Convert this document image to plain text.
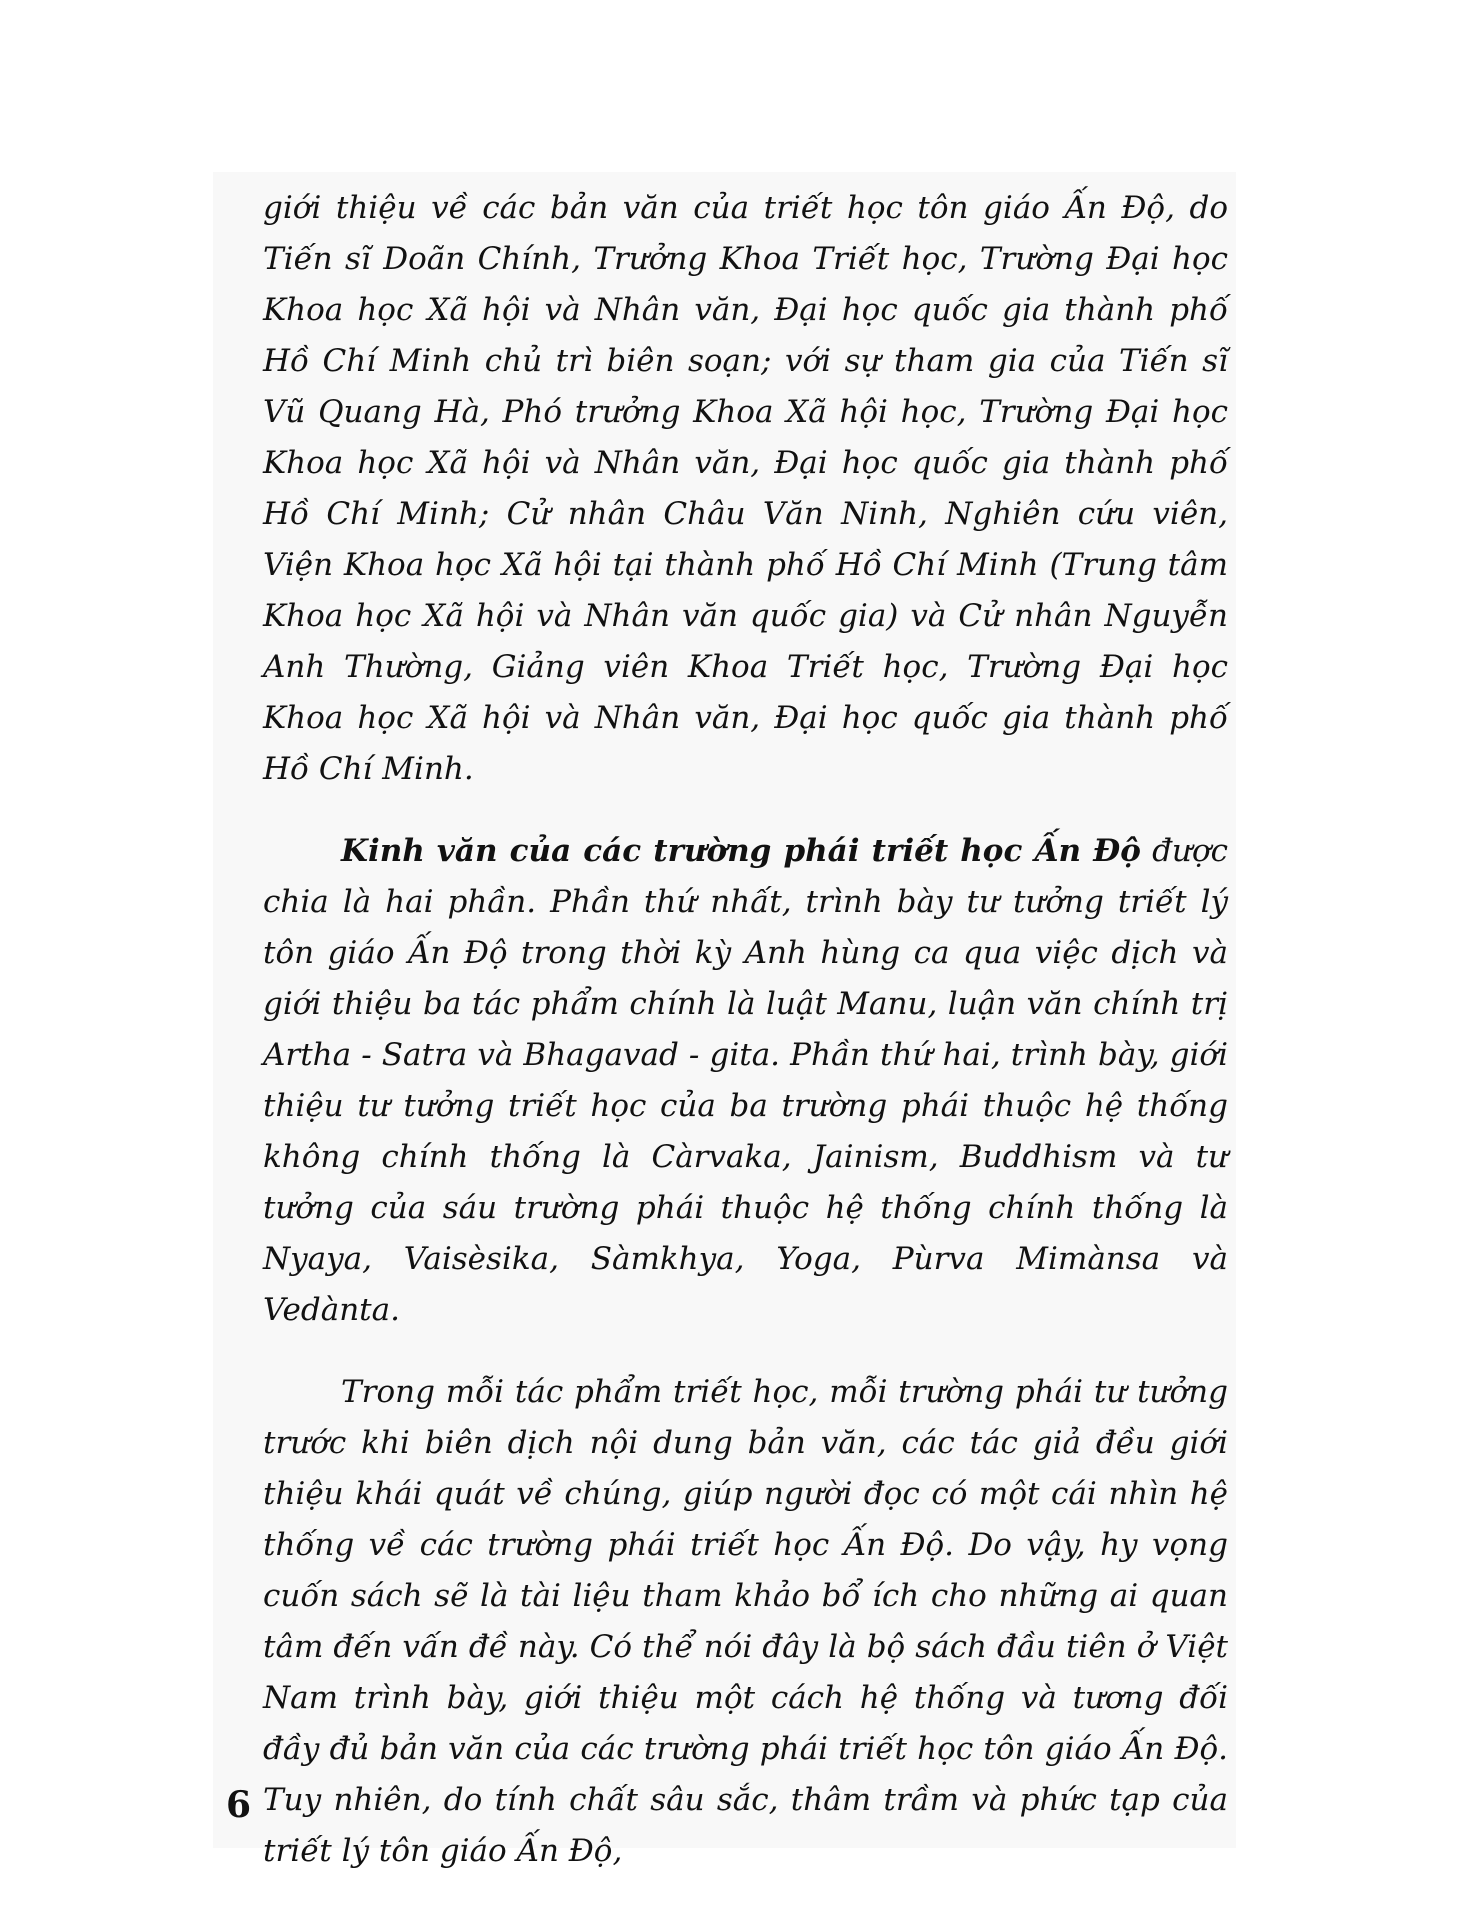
giới thiệu về các bản văn của triết học tôn giáo Ấn Độ, do Tiến sĩ Doãn Chính, Trưởng Khoa Triết học, Trường Đại học Khoa học Xã hội và Nhân văn, Đại học quốc gia thành phố Hồ Chí Minh chủ trì biên soạn; với sự tham gia của Tiến sĩ Vũ Quang Hà, Phó trưởng Khoa Xã hội học, Trường Đại học Khoa học Xã hội và Nhân văn, Đại học quốc gia thành phố Hồ Chí Minh; Cử nhân Châu Văn Ninh, Nghiên cứu viên, Viện Khoa học Xã hội tại thành phố Hồ Chí Minh (Trung tâm Khoa học Xã hội và Nhân văn quốc gia) và Cử nhân Nguyễn Anh Thường, Giảng viên Khoa Triết học, Trường Đại học Khoa học Xã hội và Nhân văn, Đại học quốc gia thành phố Hồ Chí Minh.

Kinh văn của các trường phái triết học Ấn Độ được chia là hai phần. Phần thứ nhất, trình bày tư tưởng triết lý tôn giáo Ấn Độ trong thời kỳ Anh hùng ca qua việc dịch và giới thiệu ba tác phẩm chính là luật Manu, luận văn chính trị Artha - Satra và Bhagavad - gita. Phần thứ hai, trình bày, giới thiệu tư tưởng triết học của ba trường phái thuộc hệ thống không chính thống là Càrvaka, Jainism, Buddhism và tư tưởng của sáu trường phái thuộc hệ thống chính thống là Nyaya, Vaisèsika, Sàmkhya, Yoga, Pùrva Mimànsa và Vedànta.

Trong mỗi tác phẩm triết học, mỗi trường phái tư tưởng trước khi biên dịch nội dung bản văn, các tác giả đều giới thiệu khái quát về chúng, giúp người đọc có một cái nhìn hệ thống về các trường phái triết học Ấn Độ. Do vậy, hy vọng cuốn sách sẽ là tài liệu tham khảo bổ ích cho những ai quan tâm đến vấn đề này. Có thể nói đây là bộ sách đầu tiên ở Việt Nam trình bày, giới thiệu một cách hệ thống và tương đối đầy đủ bản văn của các trường phái triết học tôn giáo Ấn Độ. Tuy nhiên, do tính chất sâu sắc, thâm trầm và phức tạp của triết lý tôn giáo Ấn Độ,

6
